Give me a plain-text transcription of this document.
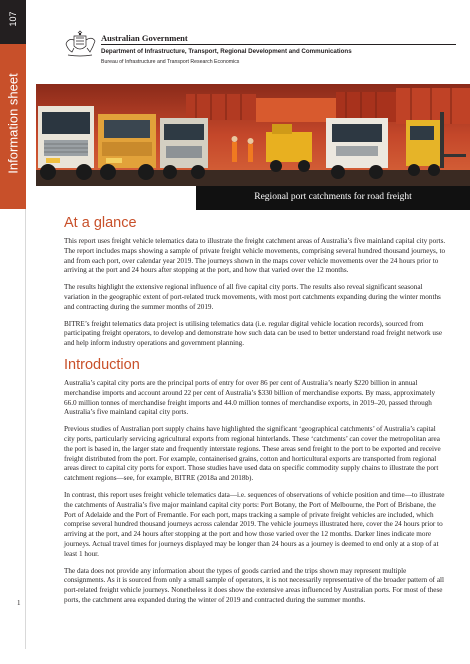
107
Information sheet
1
Australian Government
Department of Infrastructure, Transport, Regional Development and Communications
Bureau of Infrastructure and Transport Research Economics
Regional port catchments for road freight
At a glance

This report uses freight vehicle telematics data to illustrate the freight catchment areas of Australia’s five mainland capital city ports. The report includes maps showing a sample of private freight vehicle movements, comprising several hundred thousand journeys, to and from each port, over calendar year 2019. The journeys shown in the maps cover vehicle movements over the 24 hours prior to arriving at the port and 24 hours after stopping at the port, and how that varied over the 12 months.

The results highlight the extensive regional influence of all five capital city ports. The results also reveal significant seasonal variation in the geographic extent of port-related truck movements, with most port catchments expanding during the winter months and contracting during the summer months of 2019.

BITRE’s freight telematics data project is utilising telematics data (i.e. regular digital vehicle location records), sourced from participating freight operators, to develop and demonstrate how such data can be used to better understand road freight network use and help inform industry operations and government planning.

Introduction

Australia’s capital city ports are the principal ports of entry for over 86 per cent of Australia’s nearly $220 billion in annual merchandise imports and account around 22 per cent of Australia’s $330 billion of merchandise exports. By mass, approximately 66.0 million tonnes of merchandise freight imports and 44.0 million tonnes of merchandise exports, in 2019–20, passed through Australia’s five mainland capital city ports.

Previous studies of Australian port supply chains have highlighted the significant ‘geographical catchments’ of Australia’s capital city ports, particularly servicing agricultural exports from regional hinterlands. These ‘catchments’ can cover the metropolitan area the port is based in, the larger state and frequently interstate regions. These areas send freight to the port to be exported and receive freight distributed from the port. For example, containerised grains, cotton and horticultural exports are transported from regional areas direct to capital city ports for export. Those studies have used data on specific commodity supply chains to illustrate the port catchment regions—see, for example, BITRE (2018a and 2018b).

In contrast, this report uses freight vehicle telematics data—i.e. sequences of observations of vehicle position and time—to illustrate the catchments of Australia’s five major mainland capital city ports: Port Botany, the Port of Melbourne, the Port of Brisbane, the Port of Adelaide and the Port of Fremantle. For each port, maps tracking a sample of private freight vehicles are included, which comprise several hundred thousand journeys across calendar 2019. The vehicle journeys illustrated here, cover the 24 hours prior to arriving at the port, and 24 hours after stopping at the port and how those varied over the 12 months. Darker lines indicate more journeys. Actual travel times for journeys displayed may be longer than 24 hours as a journey is deemed to end only at a stop of at least 1 hour.

The data does not provide any information about the types of goods carried and the trips shown may represent multiple consignments. As it is sourced from only a small sample of operators, it is not necessarily representative of the broader pattern of all port-related freight vehicle journeys. Nonetheless it does show the extensive areas influenced by Australian ports. For most of these ports, the catchment area expanded during the winter of 2019 and contracted during the summer months.
